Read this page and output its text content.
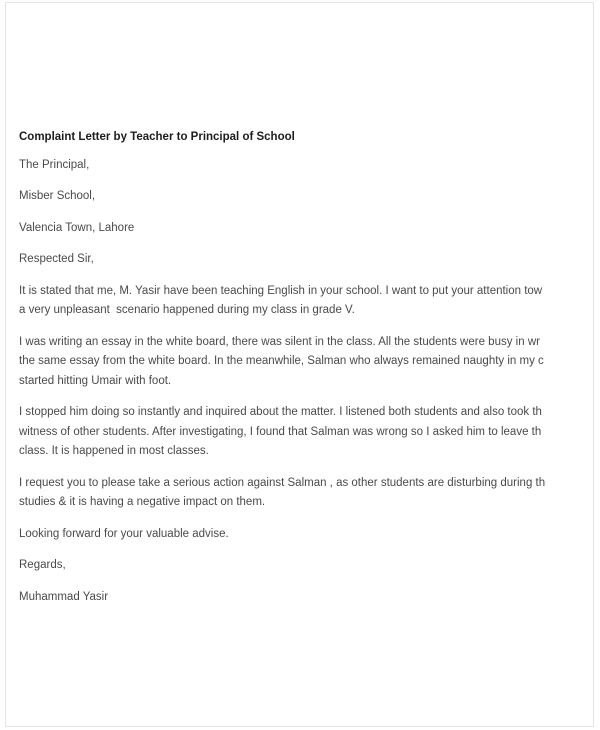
Complaint Letter by Teacher to Principal of School
The Principal,
Misber School,
Valencia Town, Lahore
Respected Sir,
It is stated that me, M. Yasir have been teaching English in your school. I want to put your attention tow
a very unpleasant  scenario happened during my class in grade V.
I was writing an essay in the white board, there was silent in the class. All the students were busy in wr
the same essay from the white board. In the meanwhile, Salman who always remained naughty in my c
started hitting Umair with foot.
I stopped him doing so instantly and inquired about the matter. I listened both students and also took th
witness of other students. After investigating, I found that Salman was wrong so I asked him to leave th
class. It is happened in most classes.
I request you to please take a serious action against Salman , as other students are disturbing during th
studies & it is having a negative impact on them.
Looking forward for your valuable advise.
Regards,
Muhammad Yasir
